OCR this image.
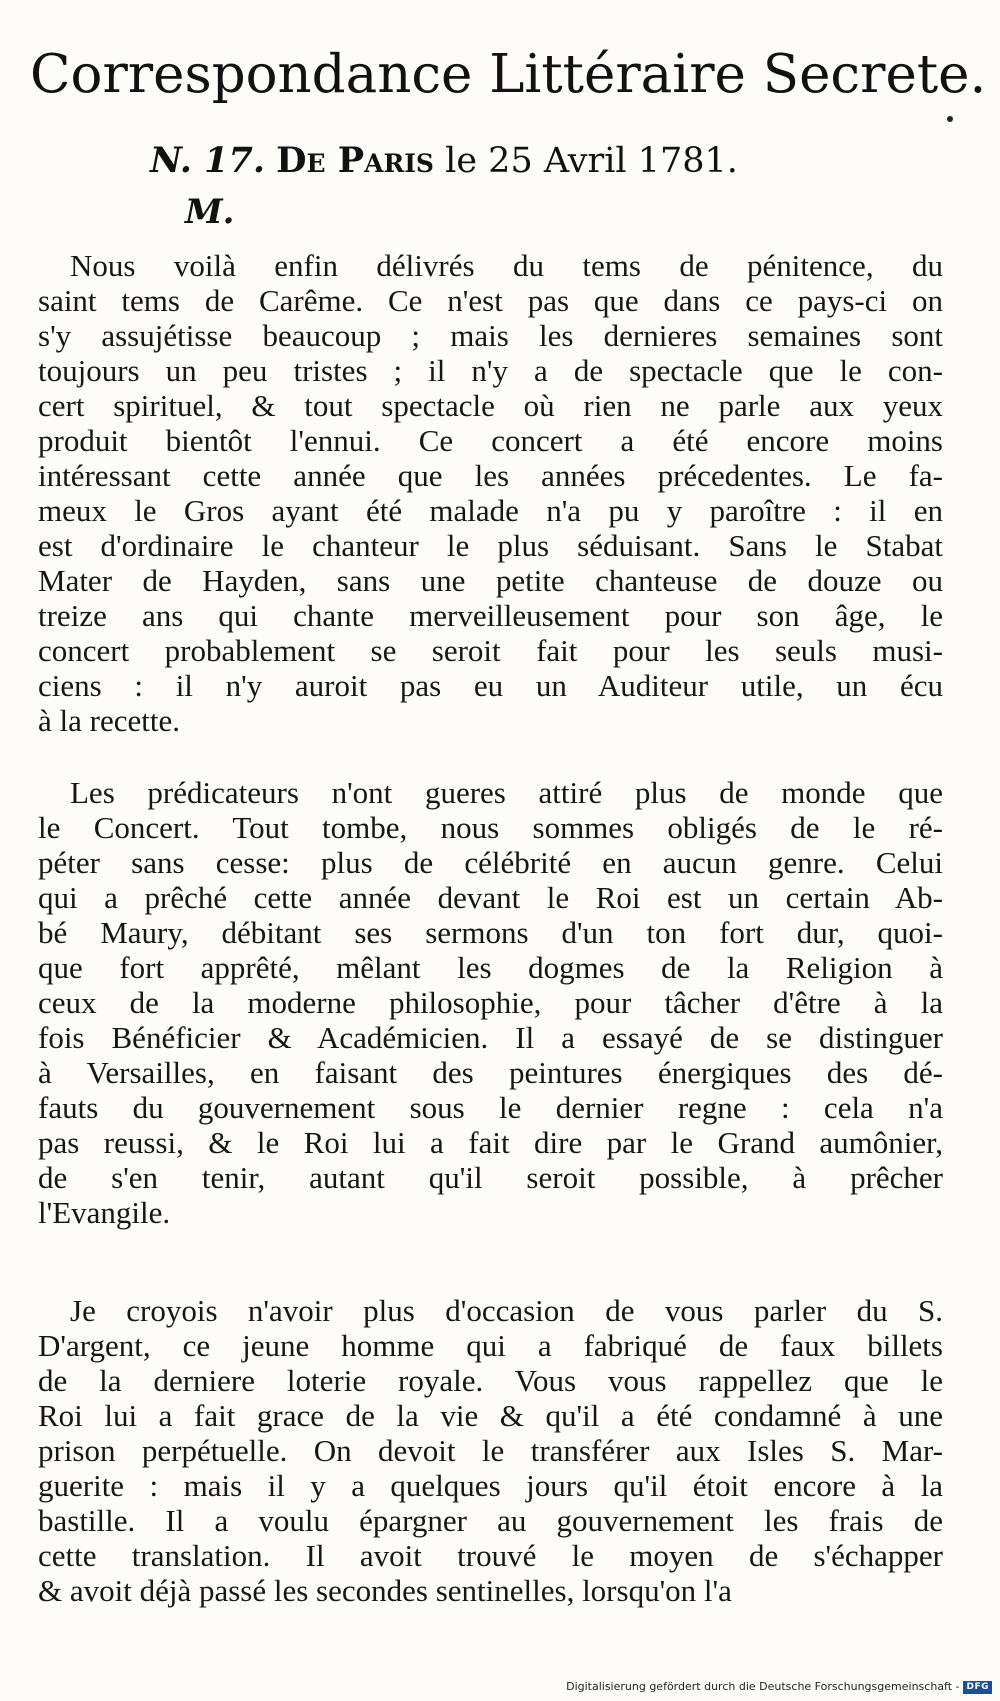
Correspondance Littéraire Secrete.
N. 17. De Paris le 25 Avril 1781.
M.
Nous voilà enfin délivrés du tems de pénitence, du
saint tems de Carême. Ce n'est pas que dans ce pays-ci on
s'y assujétisse beaucoup ; mais les dernieres semaines sont
toujours un peu tristes ; il n'y a de spectacle que le con-
cert spirituel, & tout spectacle où rien ne parle aux yeux
produit bientôt l'ennui. Ce concert a été encore moins
intéressant cette année que les années précedentes. Le fa-
meux le Gros ayant été malade n'a pu y paroître : il en
est d'ordinaire le chanteur le plus séduisant. Sans le Stabat
Mater de Hayden, sans une petite chanteuse de douze ou
treize ans qui chante merveilleusement pour son âge, le
concert probablement se seroit fait pour les seuls musi-
ciens : il n'y auroit pas eu un Auditeur utile, un écu
à la recette.
Les prédicateurs n'ont gueres attiré plus de monde que
le Concert. Tout tombe, nous sommes obligés de le ré-
péter sans cesse: plus de célébrité en aucun genre. Celui
qui a prêché cette année devant le Roi est un certain Ab-
bé Maury, débitant ses sermons d'un ton fort dur, quoi-
que fort apprêté, mêlant les dogmes de la Religion à
ceux de la moderne philosophie, pour tâcher d'être à la
fois Bénéficier & Académicien. Il a essayé de se distinguer
à Versailles, en faisant des peintures énergiques des dé-
fauts du gouvernement sous le dernier regne : cela n'a
pas reussi, & le Roi lui a fait dire par le Grand aumônier,
de s'en tenir, autant qu'il seroit possible, à prêcher
l'Evangile.
Je croyois n'avoir plus d'occasion de vous parler du S.
D'argent, ce jeune homme qui a fabriqué de faux billets
de la derniere loterie royale. Vous vous rappellez que le
Roi lui a fait grace de la vie & qu'il a été condamné à une
prison perpétuelle. On devoit le transférer aux Isles S. Mar-
guerite : mais il y a quelques jours qu'il étoit encore à la
bastille. Il a voulu épargner au gouvernement les frais de
cette translation. Il avoit trouvé le moyen de s'échapper
& avoit déjà passé les secondes sentinelles, lorsqu'on l'a
Digitalisierung gefördert durch die Deutsche Forschungsgemeinschaft - DFG
